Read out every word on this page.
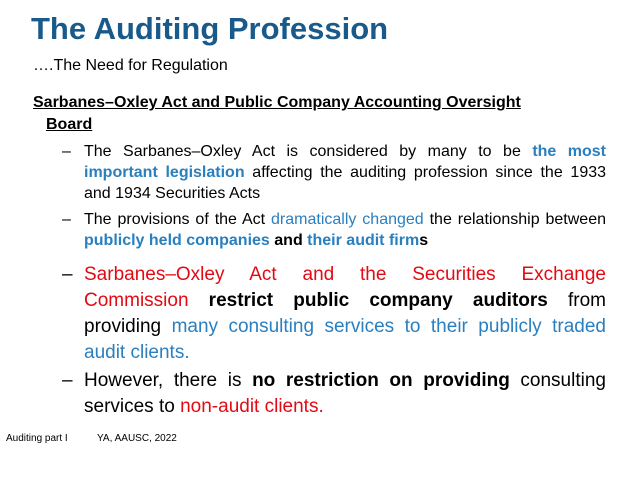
The Auditing Profession
….The Need for Regulation
Sarbanes–Oxley Act and Public Company Accounting Oversight
Board
– The Sarbanes–Oxley Act is considered by many to be the most important legislation affecting the auditing profession since the 1933 and 1934 Securities Acts
– The provisions of the Act dramatically changed the relationship between publicly held companies and their audit firms
– Sarbanes–Oxley Act and the Securities Exchange Commission restrict public company auditors from providing many consulting services to their publicly traded audit clients.
– However, there is no restriction on providing consulting services to non-audit clients.
Auditing part I	YA, AAUSC, 2022
